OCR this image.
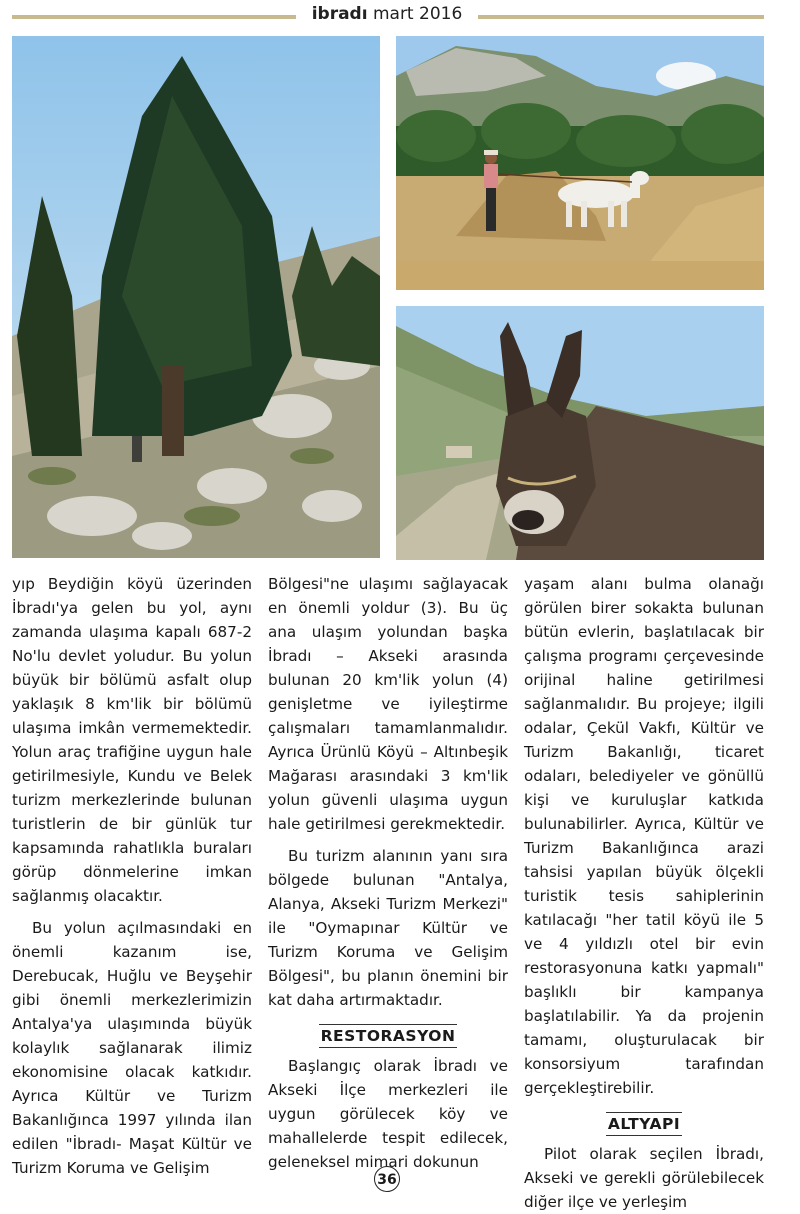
ibradı mart 2016

yıp Beydiğin köyü üzerinden İbradı'ya gelen bu yol, aynı zamanda ulaşıma kapalı 687-2 No'lu devlet yoludur. Bu yolun büyük bir bölümü asfalt olup yaklaşık 8 km'lik bir bölümü ulaşıma imkân vermemektedir. Yolun araç trafiğine uygun hale getirilmesiyle, Kundu ve Belek turizm merkezlerinde bulunan turistlerin de bir günlük tur kapsamında rahatlıkla buraları görüp dönmelerine imkan sağlanmış olacaktır.

Bu yolun açılmasındaki en önemli kazanım ise, Derebucak, Huğlu ve Beyşehir gibi önemli merkezlerimizin Antalya'ya ulaşımında büyük kolaylık sağlanarak ilimiz ekonomisine olacak katkıdır. Ayrıca Kültür ve Turizm Bakanlığınca 1997 yılında ilan edilen "İbradı- Maşat Kültür ve Turizm Koruma ve Gelişim

Bölgesi"ne ulaşımı sağlayacak en önemli yoldur (3). Bu üç ana ulaşım yolundan başka İbradı – Akseki arasında bulunan 20 km'lik yolun (4) genişletme ve iyileştirme çalışmaları tamamlanmalıdır. Ayrıca Ürünlü Köyü – Altınbeşik Mağarası arasındaki 3 km'lik yolun güvenli ulaşıma uygun hale getirilmesi gerekmektedir.

Bu turizm alanının yanı sıra bölgede bulunan "Antalya, Alanya, Akseki Turizm Merkezi" ile "Oymapınar Kültür ve Turizm Koruma ve Gelişim Bölgesi", bu planın önemini bir kat daha artırmaktadır.

RESTORASYON

Başlangıç olarak İbradı ve Akseki İlçe merkezleri ile uygun görülecek köy ve mahallelerde tespit edilecek, geleneksel mimari dokunun

yaşam alanı bulma olanağı görülen birer sokakta bulunan bütün evlerin, başlatılacak bir çalışma programı çerçevesinde orijinal haline getirilmesi sağlanmalıdır. Bu projeye; ilgili odalar, Çekül Vakfı, Kültür ve Turizm Bakanlığı, ticaret odaları, belediyeler ve gönüllü kişi ve kuruluşlar katkıda bulunabilirler. Ayrıca, Kültür ve Turizm Bakanlığınca arazi tahsisi yapılan büyük ölçekli turistik tesis sahiplerinin katılacağı "her tatil köyü ile 5 ve 4 yıldızlı otel bir evin restorasyonuna katkı yapmalı" başlıklı bir kampanya başlatılabilir. Ya da projenin tamamı, oluşturulacak bir konsorsiyum tarafından gerçekleştirebilir.

ALTYAPI

Pilot olarak seçilen İbradı, Akseki ve gerekli görülebilecek diğer ilçe ve yerleşim

36
